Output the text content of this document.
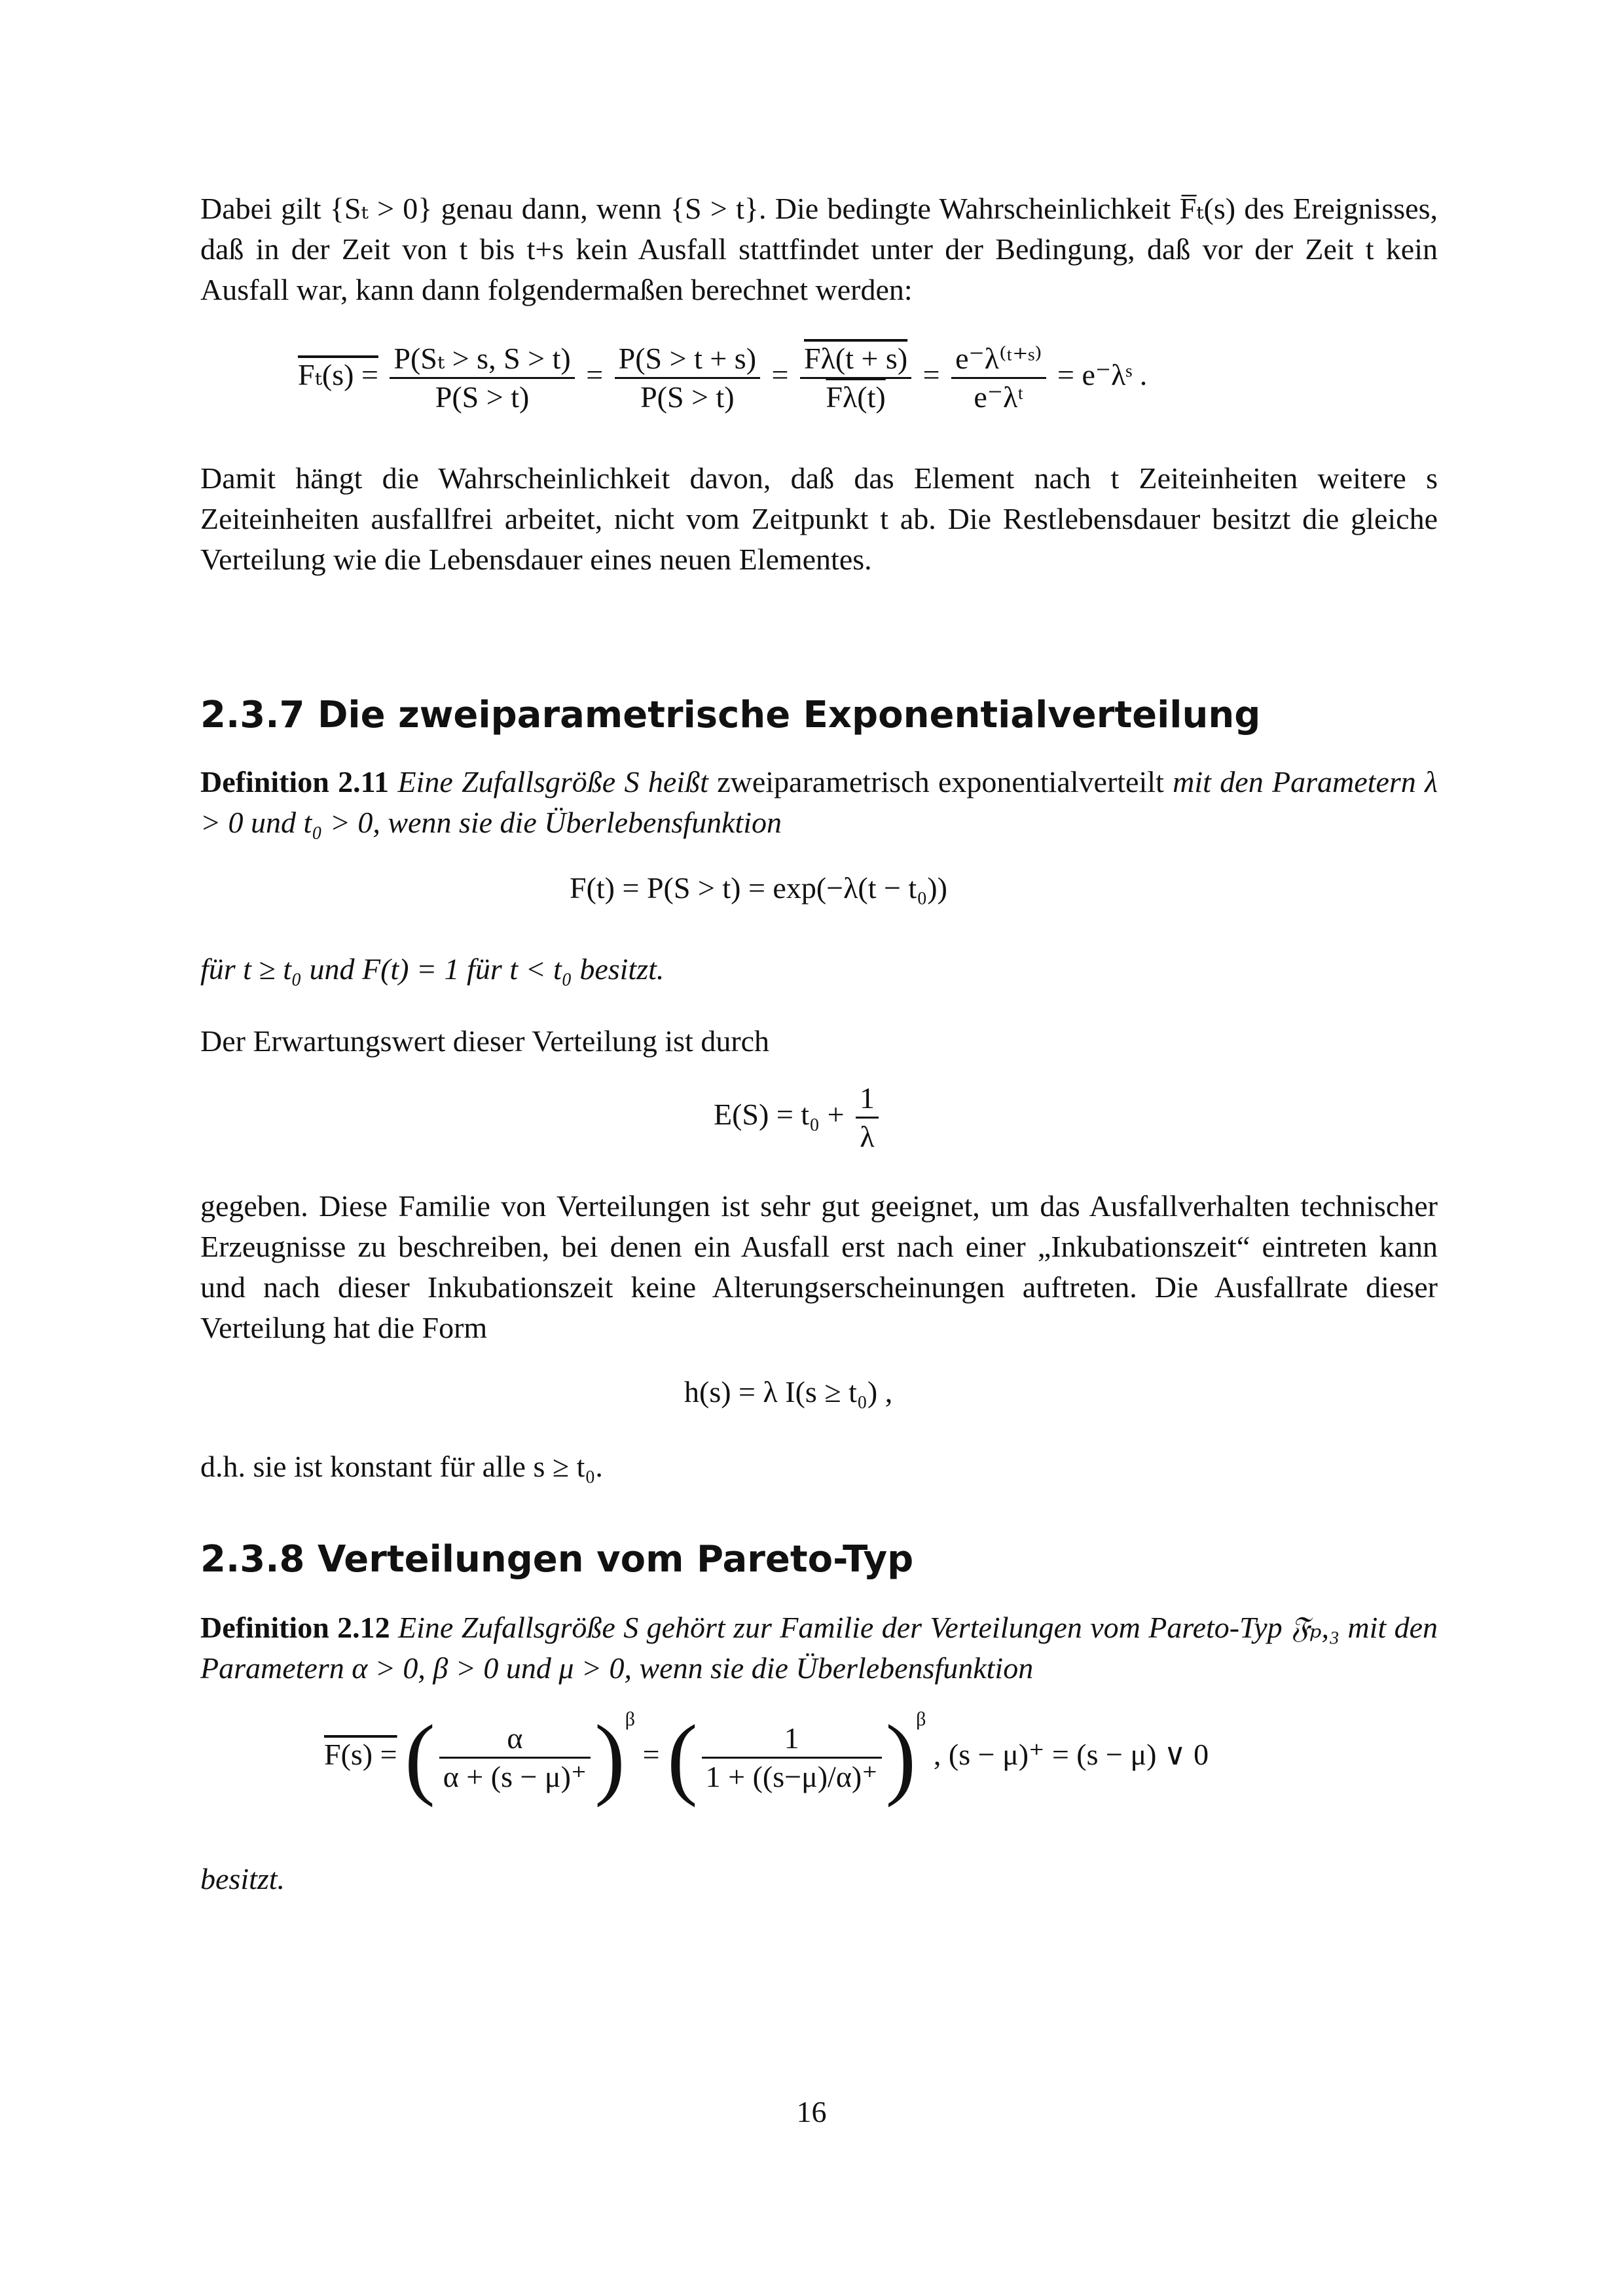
Dabei gilt {Sₜ > 0} genau dann, wenn {S > t}. Die bedingte Wahrscheinlichkeit F̅ₜ(s) des Ereignisses, daß in der Zeit von t bis t+s kein Ausfall stattfindet unter der Bedingung, daß vor der Zeit t kein Ausfall war, kann dann folgendermaßen berechnet werden:
$F_t(s) = \frac{\text{P(Sₜ > s, S > t)}}{P(S > t)} = \frac{P(S > t + s)}{P(S > t)} = \frac{F\lambda(t + s)}{F\lambda(t)} = \frac{\text{e⁻λ⁽ᵗ⁺ˢ⁾}}{\text{e⁻λᵗ}}$ = e⁻λˢ .
Damit hängt die Wahrscheinlichkeit davon, daß das Element nach t Zeiteinheiten weitere s Zeiteinheiten ausfallfrei arbeitet, nicht vom Zeitpunkt t ab. Die Restlebensdauer besitzt die gleiche Verteilung wie die Lebensdauer eines neuen Elementes.
2.3.7 Die zweiparametrische Exponentialverteilung
Definition 2.11 Eine Zufallsgröße S heißt zweiparametrisch exponentialverteilt mit den Parametern λ > 0 und t₀ > 0, wenn sie die Überlebensfunktion
F(t) = P(S > t) = exp(−λ(t − t₀))
für t ≥ t₀ und F(t) = 1 für t < t₀ besitzt.
Der Erwartungswert dieser Verteilung ist durch
$E(S) = t_0 + \frac{1}{\lambda}$
gegeben. Diese Familie von Verteilungen ist sehr gut geeignet, um das Ausfallverhalten technischer Erzeugnisse zu beschreiben, bei denen ein Ausfall erst nach einer „Inkubationszeit“ eintreten kann und nach dieser Inkubationszeit keine Alterungserscheinungen auftreten. Die Ausfallrate dieser Verteilung hat die Form
h(s) = λ I(s ≥ t₀) ,
d.h. sie ist konstant für alle s ≥ t₀.
2.3.8 Verteilungen vom Pareto-Typ
Definition 2.12 Eine Zufallsgröße S gehört zur Familie der Verteilungen vom Pareto-Typ 𝔉ₚ,₃ mit den Parametern α > 0, β > 0 und μ > 0, wenn sie die Überlebensfunktion
F(s) = ( $\frac{\alpha}{\alpha + (s - \mu)^+} )^\beta$ = ( $\frac{1}{1 + ((s-\mu)/\alpha)^+} )^\beta$ , (s − μ)⁺ = (s − μ) ∨ 0
besitzt.
16
